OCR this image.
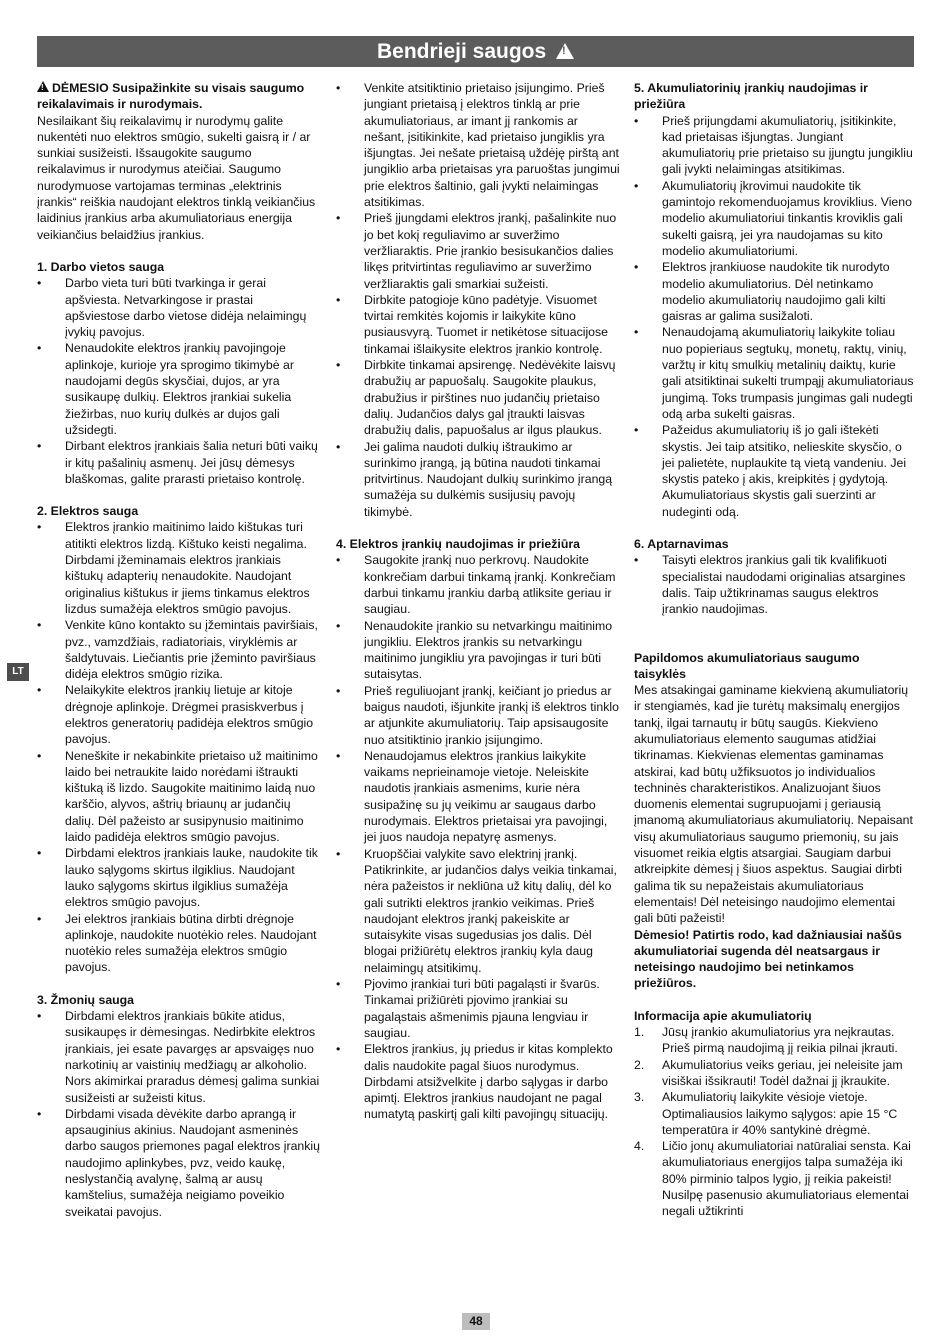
Bendrieji saugos !
LT

!DĖMESIO Susipažinkite su visais saugumo reikalavimais ir nurodymais.

Nesilaikant šių reikalavimų ir nurodymų galite nukentėti nuo elektros smūgio, sukelti gaisrą ir / ar sunkiai susižeisti. Išsaugokite saugumo reikalavimus ir nurodymus ateičiai. Saugumo nurodymuose vartojamas terminas „elektrinis įrankis“ reiškia naudojant elektros tinklą veikiančius laidinius įrankius arba akumuliatoriaus energija veikiančius belaidžius įrankius.

1. Darbo vietos sauga

• Darbo vieta turi būti tvarkinga ir gerai apšviesta. Netvarkingose ir prastai apšviestose darbo vietose didėja nelaimingų įvykių pavojus.
• Nenaudokite elektros įrankių pavojingoje aplinkoje, kurioje yra sprogimo tikimybė ar naudojami degūs skysčiai, dujos, ar yra susikaupę dulkių. Elektros įrankiai sukelia žiežirbas, nuo kurių dulkės ar dujos gali užsidegti.
• Dirbant elektros įrankiais šalia neturi būti vaikų ir kitų pašalinių asmenų. Jei jūsų dėmesys blaškomas, galite prarasti prietaiso kontrolę.

2. Elektros sauga

• Elektros įrankio maitinimo laido kištukas turi atitikti elektros lizdą. Kištuko keisti negalima. Dirbdami įžeminamais elektros įrankiais kištukų adapterių nenaudokite. Naudojant originalius kištukus ir jiems tinkamus elektros lizdus sumažėja elektros smūgio pavojus.
• Venkite kūno kontakto su įžemintais paviršiais, pvz., vamzdžiais, radiatoriais, viryklėmis ar šaldytuvais. Liečiantis prie įžeminto paviršiaus didėja elektros smūgio rizika.
• Nelaikykite elektros įrankių lietuje ar kitoje drėgnoje aplinkoje. Drėgmei prasiskverbus į elektros generatorių padidėja elektros smūgio pavojus.
• Neneškite ir nekabinkite prietaiso už maitinimo laido bei netraukite laido norėdami ištraukti kištuką iš lizdo. Saugokite maitinimo laidą nuo karščio, alyvos, aštrių briaunų ar judančių dalių. Dėl pažeisto ar susipynusio maitinimo laido padidėja elektros smūgio pavojus.
• Dirbdami elektros įrankiais lauke, naudokite tik lauko sąlygoms skirtus ilgiklius. Naudojant lauko sąlygoms skirtus ilgiklius sumažėja elektros smūgio pavojus.
• Jei elektros įrankiais būtina dirbti drėgnoje aplinkoje, naudokite nuotėkio reles. Naudojant nuotėkio reles sumažėja elektros smūgio pavojus.

3. Žmonių sauga

• Dirbdami elektros įrankiais būkite atidus, susikaupęs ir dėmesingas. Nedirbkite elektros įrankiais, jei esate pavargęs ar apsvaigęs nuo narkotinių ar vaistinių medžiagų ar alkoholio. Nors akimirkai praradus dėmesį galima sunkiai susižeisti ar sužeisti kitus.
• Dirbdami visada dėvėkite darbo aprangą ir apsauginius akinius. Naudojant asmeninės darbo saugos priemones pagal elektros įrankių naudojimo aplinkybes, pvz, veido kaukę, neslystančią avalynę, šalmą ar ausų kamštelius, sumažėja neigiamo poveikio sveikatai pavojus.
• Venkite atsitiktinio prietaiso įsijungimo. Prieš jungiant prietaisą į elektros tinklą ar prie akumuliatoriaus, ar imant jį rankomis ar nešant, įsitikinkite, kad prietaiso jungiklis yra išjungtas. Jei nešate prietaisą uždėję pirštą ant jungiklio arba prietaisas yra paruoštas jungimui prie elektros šaltinio, gali įvykti nelaimingas atsitikimas.
• Prieš įjungdami elektros įrankį, pašalinkite nuo jo bet kokį reguliavimo ar suveržimo veržliaraktis. Prie įrankio besisukančios dalies likęs pritvirtintas reguliavimo ar suveržimo veržliaraktis gali smarkiai sužeisti.
• Dirbkite patogioje kūno padėtyje. Visuomet tvirtai remkitės kojomis ir laikykite kūno pusiausvyrą. Tuomet ir netikėtose situacijose tinkamai išlaikysite elektros įrankio kontrolę.
• Dirbkite tinkamai apsirengę. Nedėvėkite laisvų drabužių ar papuošalų. Saugokite plaukus, drabužius ir pirštines nuo judančių prietaiso dalių. Judančios dalys gal įtraukti laisvas drabužių dalis, papuošalus ar ilgus plaukus.
• Jei galima naudoti dulkių ištraukimo ar surinkimo įrangą, ją būtina naudoti tinkamai pritvirtinus. Naudojant dulkių surinkimo įrangą sumažėja su dulkėmis susijusių pavojų tikimybė.

4. Elektros įrankių naudojimas ir priežiūra

• Saugokite įrankį nuo perkrovų. Naudokite konkrečiam darbui tinkamą įrankį. Konkrečiam darbui tinkamu įrankiu darbą atliksite geriau ir saugiau.
• Nenaudokite įrankio su netvarkingu maitinimo jungikliu. Elektros įrankis su netvarkingu maitinimo jungikliu yra pavojingas ir turi būti sutaisytas.
• Prieš reguliuojant įrankį, keičiant jo priedus ar baigus naudoti, išjunkite įrankį iš elektros tinklo ar atjunkite akumuliatorių. Taip apsisaugosite nuo atsitiktinio įrankio įsijungimo.
• Nenaudojamus elektros įrankius laikykite vaikams neprieinamoje vietoje. Neleiskite naudotis įrankiais asmenims, kurie nėra susipažinę su jų veikimu ar saugaus darbo nurodymais. Elektros prietaisai yra pavojingi, jei juos naudoja nepatyrę asmenys.
• Kruopščiai valykite savo elektrinį įrankį. Patikrinkite, ar judančios dalys veikia tinkamai, nėra pažeistos ir nekliūna už kitų dalių, dėl ko gali sutrikti elektros įrankio veikimas. Prieš naudojant elektros įrankį pakeiskite ar sutaisykite visas sugedusias jos dalis. Dėl blogai prižiūrėtų elektros įrankių kyla daug nelaimingų atsitikimų.
• Pjovimo įrankiai turi būti pagaląsti ir švarūs. Tinkamai prižiūrėti pjovimo įrankiai su pagaląstais ašmenimis pjauna lengviau ir saugiau.
• Elektros įrankius, jų priedus ir kitas komplekto dalis naudokite pagal šiuos nurodymus. Dirbdami atsižvelkite į darbo sąlygas ir darbo apimtį. Elektros įrankius naudojant ne pagal numatytą paskirtį gali kilti pavojingų situacijų.

5. Akumuliatorinių įrankių naudojimas ir priežiūra

• Prieš prijungdami akumuliatorių, įsitikinkite, kad prietaisas išjungtas. Jungiant akumuliatorių prie prietaiso su įjungtu jungikliu gali įvykti nelaimingas atsitikimas.
• Akumuliatorių įkrovimui naudokite tik gamintojo rekomenduojamus kroviklius. Vieno modelio akumuliatoriui tinkantis kroviklis gali sukelti gaisrą, jei yra naudojamas su kito modelio akumuliatoriumi.
• Elektros įrankiuose naudokite tik nurodyto modelio akumuliatorius. Dėl netinkamo modelio akumuliatorių naudojimo gali kilti gaisras ar galima susižaloti.
• Nenaudojamą akumuliatorių laikykite toliau nuo popieriaus segtukų, monetų, raktų, vinių, varžtų ir kitų smulkių metalinių daiktų, kurie gali atsitiktinai sukelti trumpąjį akumuliatoriaus jungimą. Toks trumpasis jungimas gali nudegti odą arba sukelti gaisras.
• Pažeidus akumuliatorių iš jo gali ištekėti skystis. Jei taip atsitiko, nelieskite skysčio, o jei palietėte, nuplaukite tą vietą vandeniu. Jei skystis pateko į akis, kreipkitės į gydytoją. Akumuliatoriaus skystis gali suerzinti ar nudeginti odą.

6. Aptarnavimas

• Taisyti elektros įrankius gali tik kvalifikuoti specialistai naudodami originalias atsargines dalis. Taip užtikrinamas saugus elektros įrankio naudojimas.

Papildomos akumuliatoriaus saugumo taisyklės

Mes atsakingai gaminame kiekvieną akumuliatorių ir stengiamės, kad jie turėtų maksimalų energijos tankį, ilgai tarnautų ir būtų saugūs. Kiekvieno akumuliatoriaus elemento saugumas atidžiai tikrinamas. Kiekvienas elementas gaminamas atskirai, kad būtų užfiksuotos jo individualios techninės charakteristikos. Analizuojant šiuos duomenis elementai sugrupuojami į geriausią įmanomą akumuliatoriaus akumuliatorių. Nepaisant visų akumuliatoriaus saugumo priemonių, su jais visuomet reikia elgtis atsargiai. Saugiam darbui atkreipkite dėmesį į šiuos aspektus. Saugiai dirbti galima tik su nepažeistais akumuliatoriaus elementais! Dėl neteisingo naudojimo elementai gali būti pažeisti!

Dėmesio! Patirtis rodo, kad dažniausiai našūs akumuliatoriai sugenda dėl neatsargaus ir neteisingo naudojimo bei netinkamos priežiūros.

Informacija apie akumuliatorių

1. Jūsų įrankio akumuliatorius yra neįkrautas. Prieš pirmą naudojimą jį reikia pilnai įkrauti.
2. Akumuliatorius veiks geriau, jei neleisite jam visiškai išsikrauti! Todėl dažnai jį įkraukite.
3. Akumuliatorių laikykite vėsioje vietoje. Optimaliausios laikymo sąlygos: apie 15 °C temperatūra ir 40% santykinė drėgmė.
4. Ličio jonų akumuliatoriai natūraliai sensta. Kai akumuliatoriaus energijos talpa sumažėja iki 80% pirminio talpos lygio, jį reikia pakeisti! Nusilpę pasenusio akumuliatoriaus elementai negali užtikrinti
48
